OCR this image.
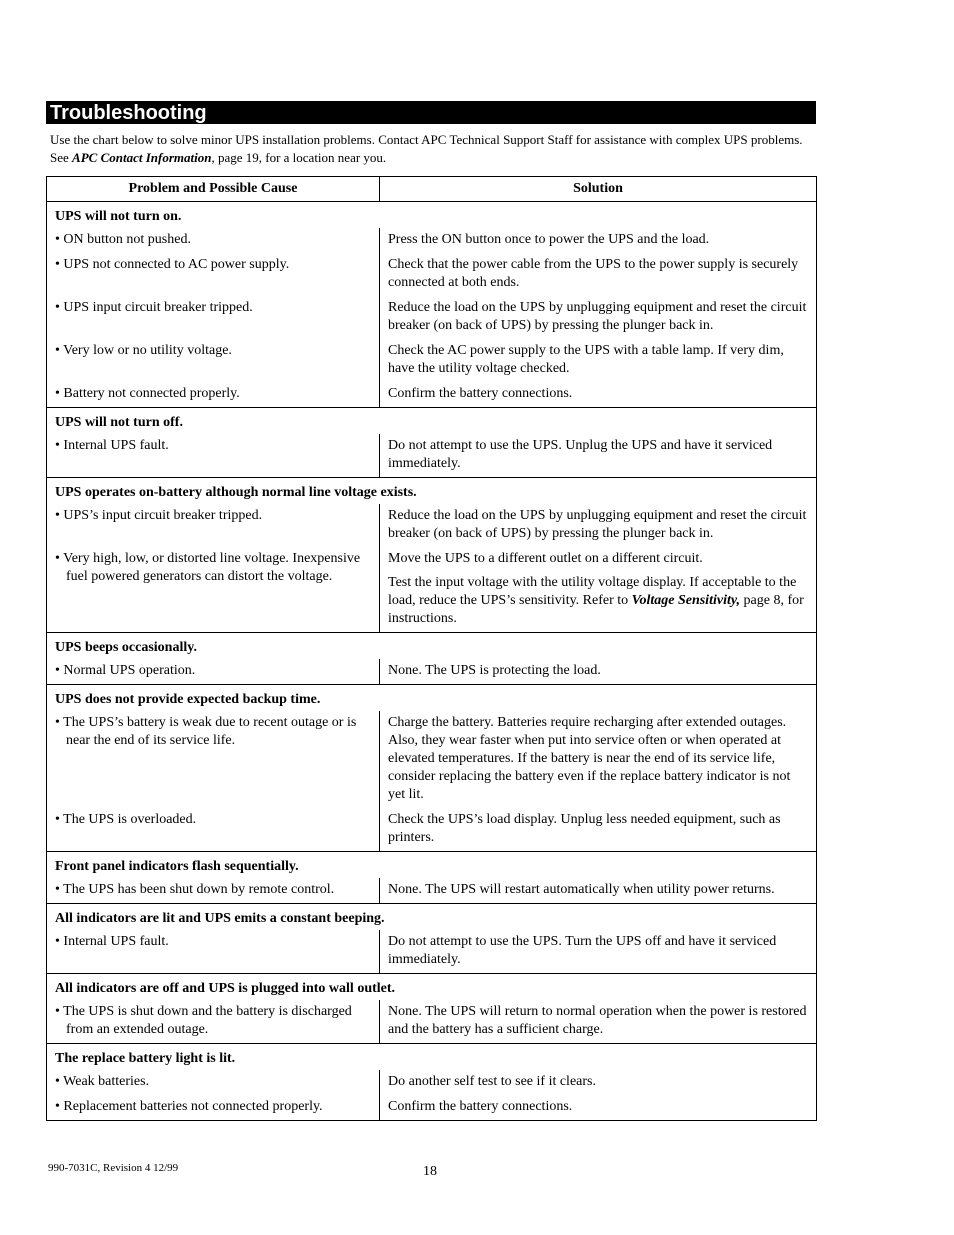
Troubleshooting
Use the chart below to solve minor UPS installation problems. Contact APC Technical Support Staff for assistance with complex UPS problems. See APC Contact Information, page 19, for a location near you.
Problem and Possible Cause	Solution
UPS will not turn on.	

• ON button not pushed.	Press the ON button once to power the UPS and the load.

• UPS not connected to AC power supply.	Check that the power cable from the UPS to the power supply is securely connected at both ends.

• UPS input circuit breaker tripped.	Reduce the load on the UPS by unplugging equipment and reset the circuit breaker (on back of UPS) by pressing the plunger back in.

• Very low or no utility voltage.	Check the AC power supply to the UPS with a table lamp. If very dim, have the utility voltage checked.

• Battery not connected properly.	Confirm the battery connections.

UPS will not turn off.	

• Internal UPS fault.	Do not attempt to use the UPS. Unplug the UPS and have it serviced immediately.

UPS operates on-battery although normal line voltage exists.	

• UPS’s input circuit breaker tripped.	Reduce the load on the UPS by unplugging equipment and reset the circuit breaker (on back of UPS) by pressing the plunger back in.

• Very high, low, or distorted line voltage. Inexpensive fuel powered generators can distort the voltage.	Move the UPS to a different outlet on a different circuit.

Test the input voltage with the utility voltage display. If acceptable to the load, reduce the UPS’s sensitivity. Refer to Voltage Sensitivity, page 8, for instructions.

UPS beeps occasionally.	

• Normal UPS operation.	None. The UPS is protecting the load.

UPS does not provide expected backup time.	

• The UPS’s battery is weak due to recent outage or is near the end of its service life.	Charge the battery. Batteries require recharging after extended outages. Also, they wear faster when put into service often or when operated at elevated temperatures. If the battery is near the end of its service life, consider replacing the battery even if the replace battery indicator is not yet lit.

• The UPS is overloaded.	Check the UPS’s load display. Unplug less needed equipment, such as printers.

Front panel indicators flash sequentially.	

• The UPS has been shut down by remote control.	None. The UPS will restart automatically when utility power returns.

All indicators are lit and UPS emits a constant beeping.	

• Internal UPS fault.	Do not attempt to use the UPS. Turn the UPS off and have it serviced immediately.

All indicators are off and UPS is plugged into wall outlet.	

• The UPS is shut down and the battery is discharged from an extended outage.	None. The UPS will return to normal operation when the power is restored and the battery has a sufficient charge.

The replace battery light is lit.	

• Weak batteries.	Do another self test to see if it clears.

• Replacement batteries not connected properly.	Confirm the battery connections.

990-7031C, Revision 4 12/99	18
